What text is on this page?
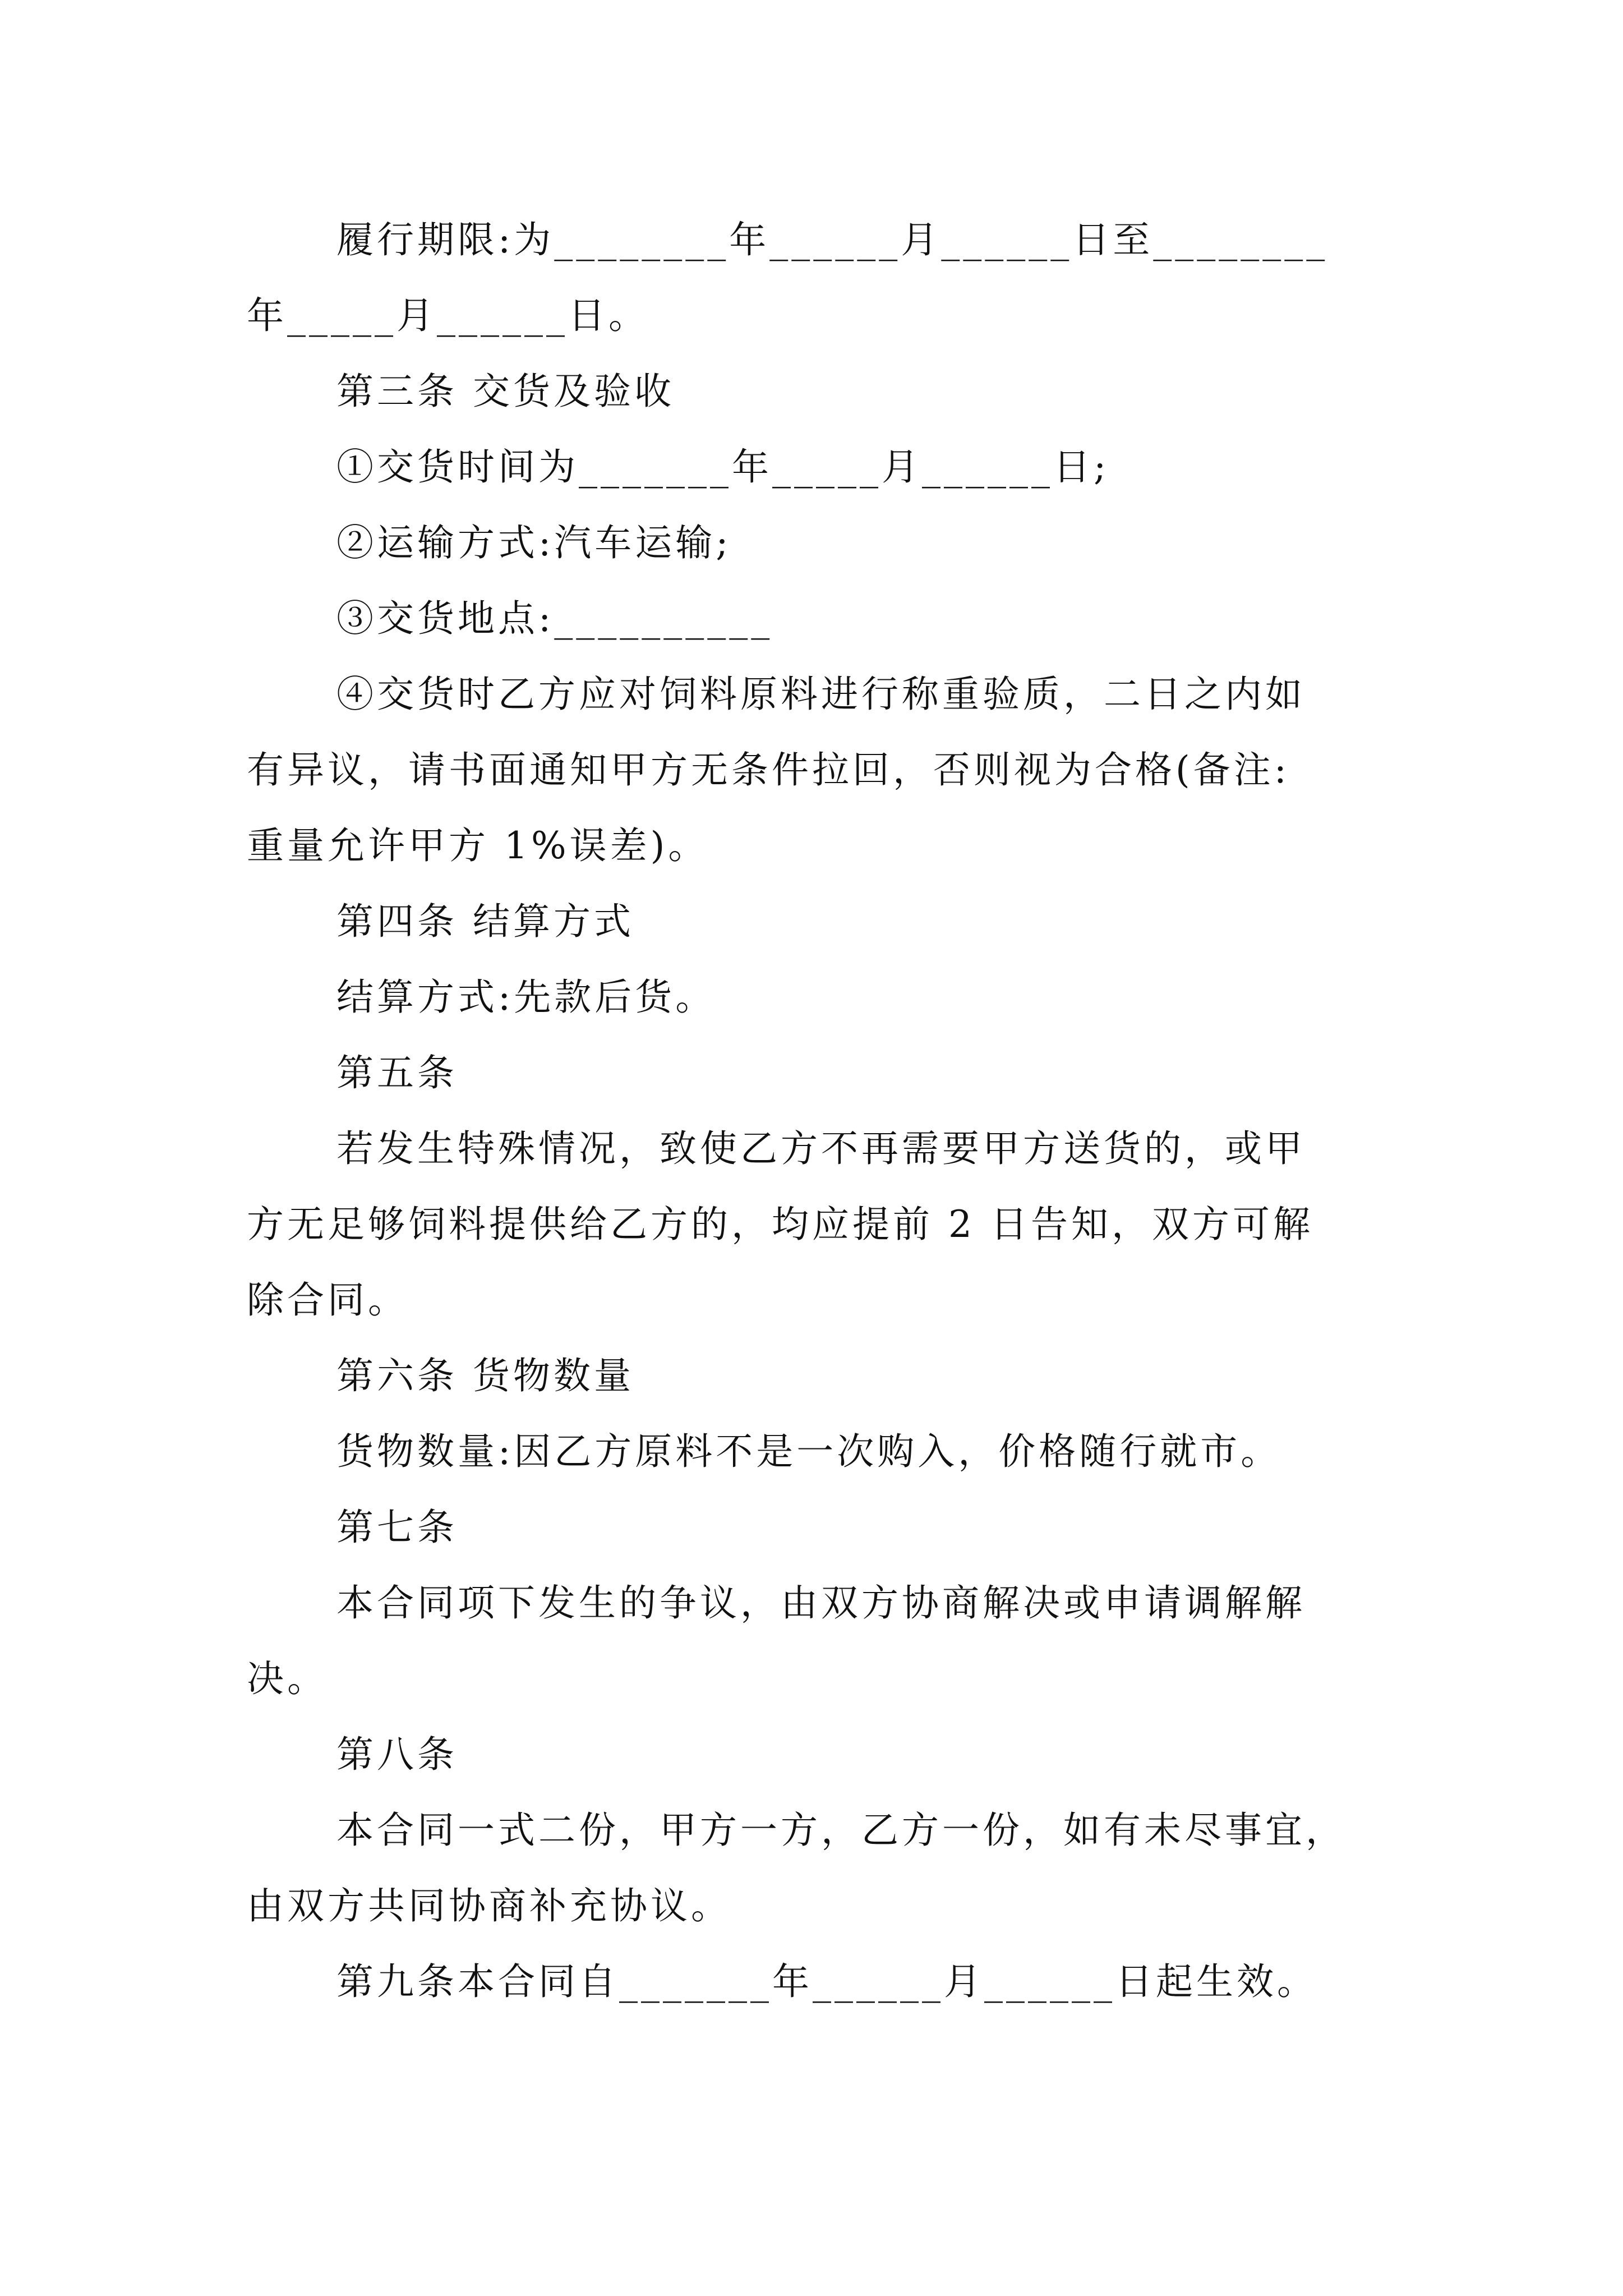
履行期限:为________年______月______日至________
年_____月______日。
第三条 交货及验收
①交货时间为_______年_____月______日;
②运输方式:汽车运输;
③交货地点:__________
④交货时乙方应对饲料原料进行称重验质，二日之内如
有异议，请书面通知甲方无条件拉回，否则视为合格(备注:
重量允许甲方 1%误差)。
第四条 结算方式
结算方式:先款后货。
第五条
若发生特殊情况，致使乙方不再需要甲方送货的，或甲
方无足够饲料提供给乙方的，均应提前 2 日告知，双方可解
除合同。
第六条 货物数量
货物数量:因乙方原料不是一次购入，价格随行就市。
第七条
本合同项下发生的争议，由双方协商解决或申请调解解
决。
第八条
本合同一式二份，甲方一方，乙方一份，如有未尽事宜，
由双方共同协商补充协议。
第九条本合同自_______年______月______日起生效。
